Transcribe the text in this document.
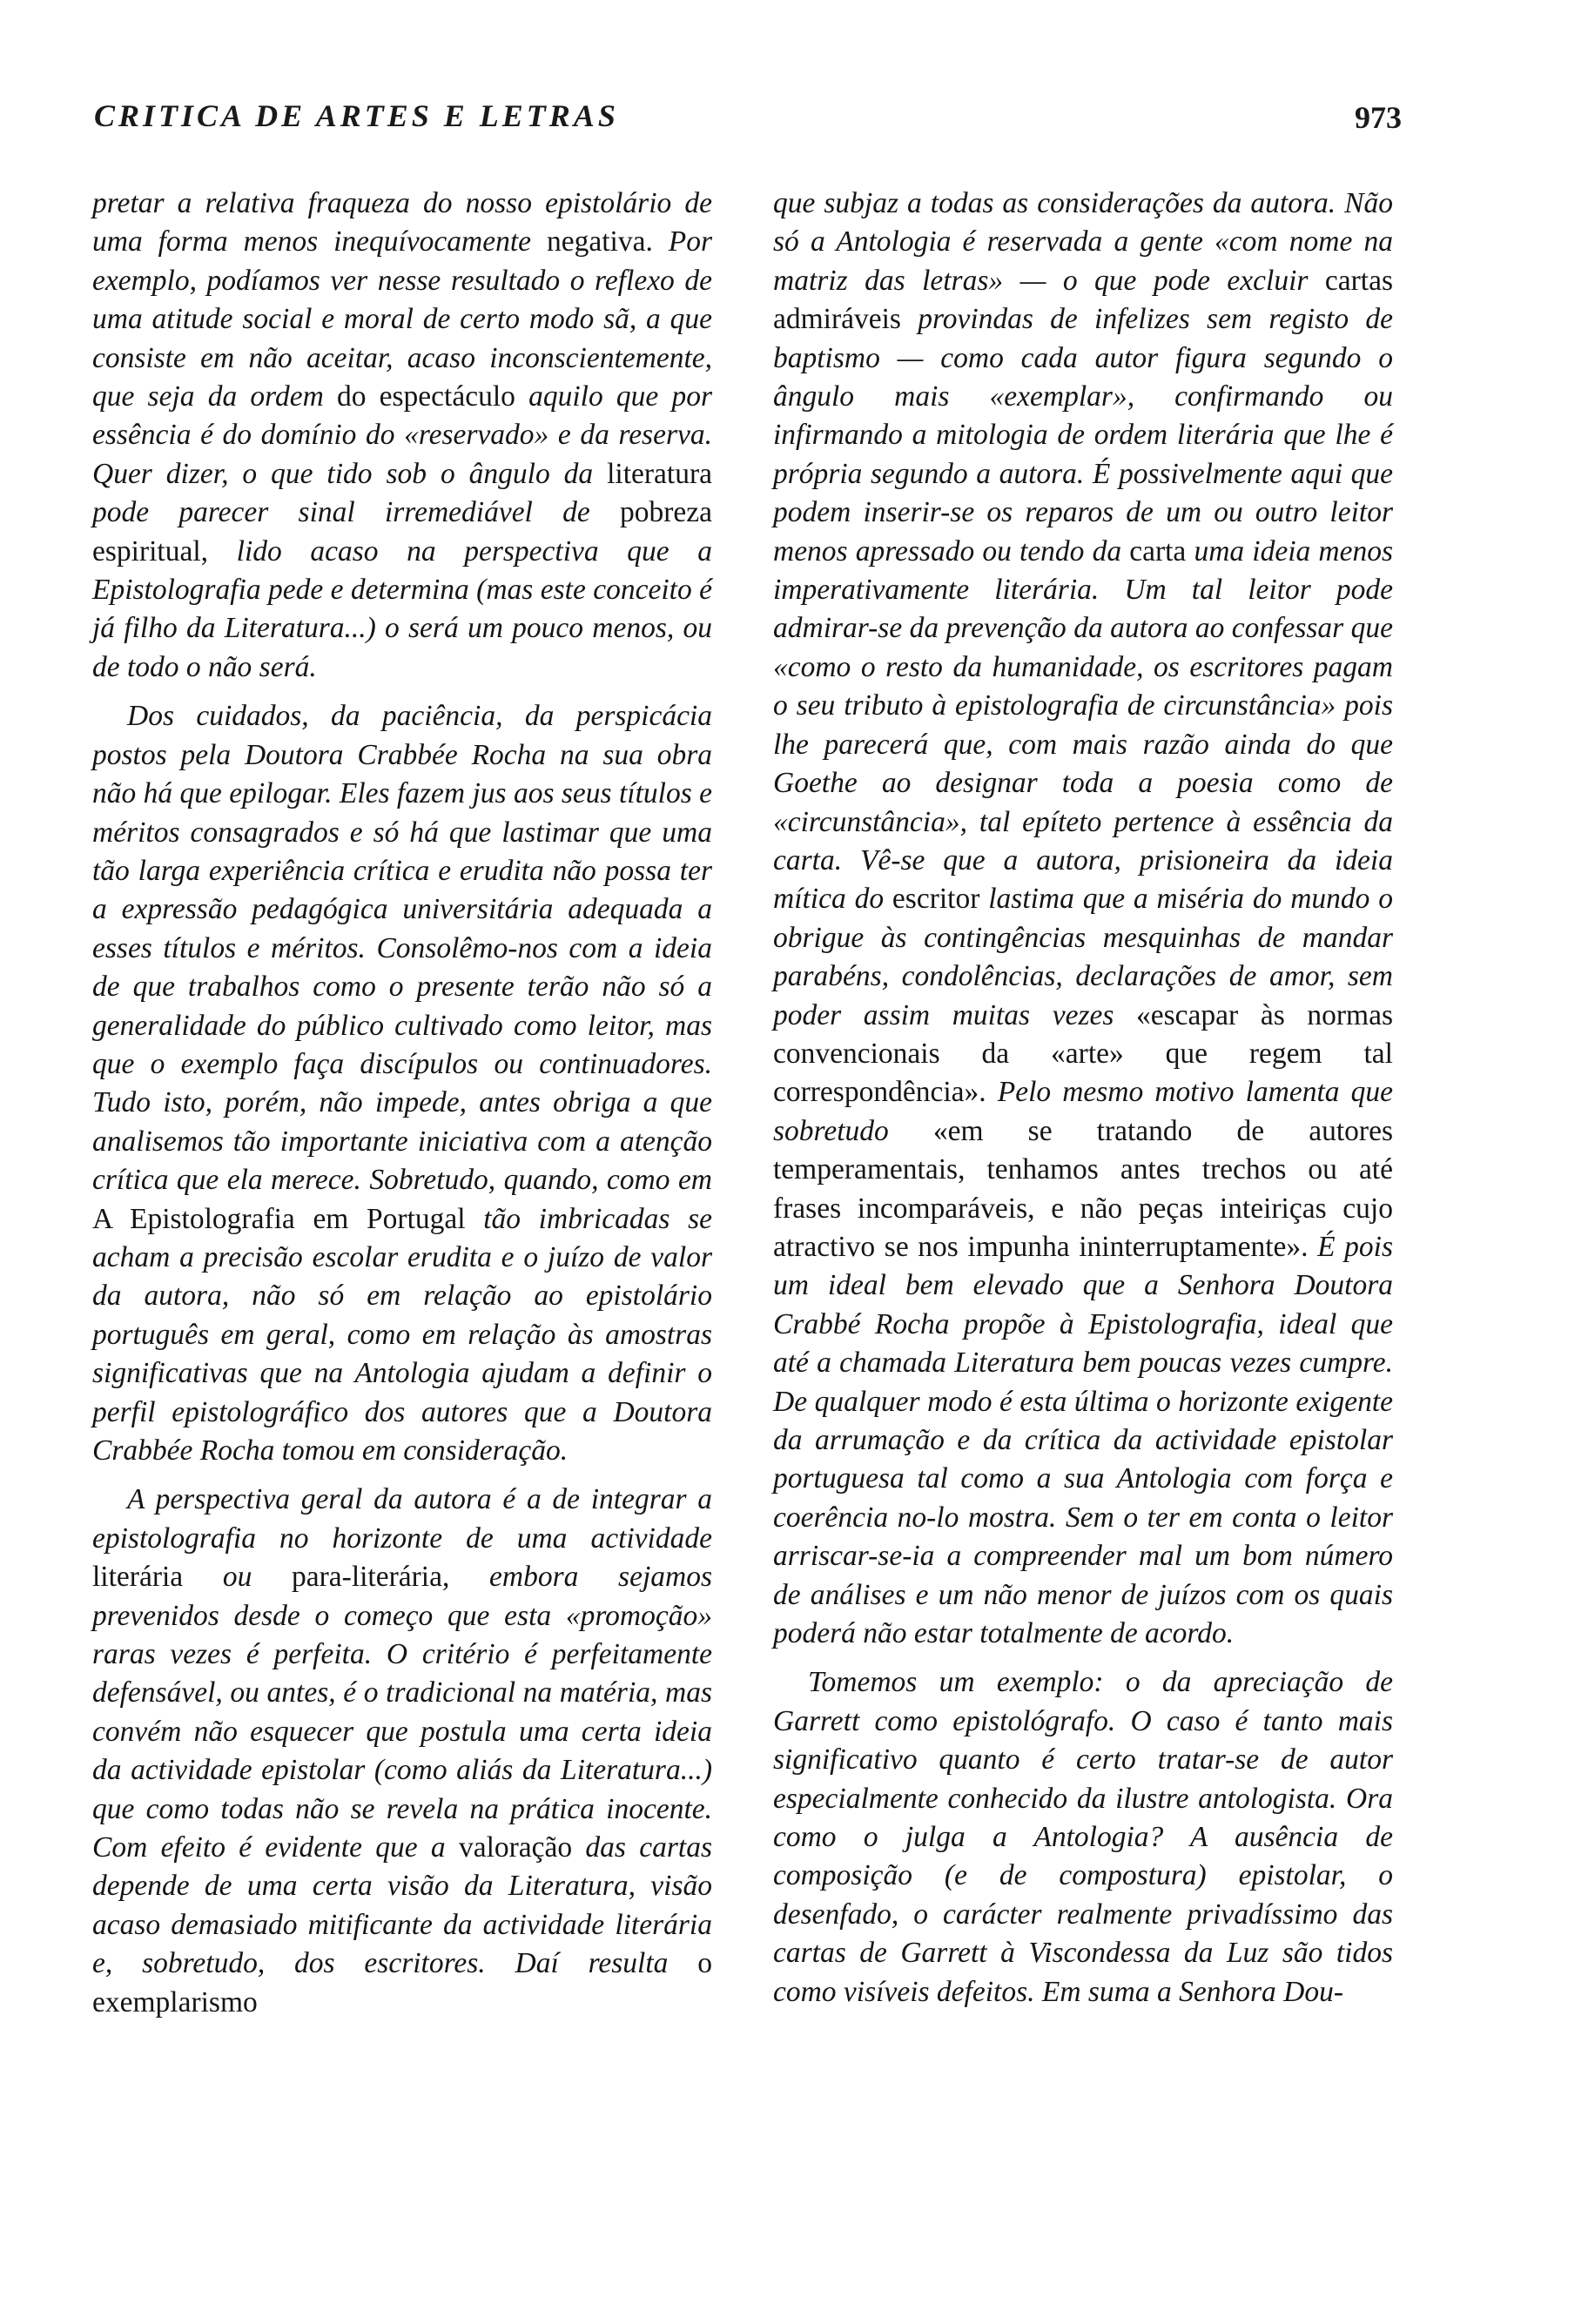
CRITICA DE ARTES E LETRAS	973

pretar a relativa fraqueza do nosso epistolário de uma forma menos inequívocamente negativa. Por exemplo, podíamos ver nesse resultado o reflexo de uma atitude social e moral de certo modo sã, a que consiste em não aceitar, acaso inconscientemente, que seja da ordem do espectáculo aquilo que por essência é do domínio do «reservado» e da reserva. Quer dizer, o que tido sob o ângulo da literatura pode parecer sinal irremediável de pobreza espiritual, lido acaso na perspectiva que a Epistolografia pede e determina (mas este conceito é já filho da Literatura...) o será um pouco menos, ou de todo o não será.

Dos cuidados, da paciência, da perspicácia postos pela Doutora Crabbée Rocha na sua obra não há que epilogar. Eles fazem jus aos seus títulos e méritos consagrados e só há que lastimar que uma tão larga experiência crítica e erudita não possa ter a expressão pedagógica universitária adequada a esses títulos e méritos. Consolêmo-nos com a ideia de que trabalhos como o presente terão não só a generalidade do público cultivado como leitor, mas que o exemplo faça discípulos ou continuadores. Tudo isto, porém, não impede, antes obriga a que analisemos tão importante iniciativa com a atenção crítica que ela merece. Sobretudo, quando, como em A Epistolografia em Portugal tão imbricadas se acham a precisão escolar erudita e o juízo de valor da autora, não só em relação ao epistolário português em geral, como em relação às amostras significativas que na Antologia ajudam a definir o perfil epistolográfico dos autores que a Doutora Crabbée Rocha tomou em consideração.

A perspectiva geral da autora é a de integrar a epistolografia no horizonte de uma actividade literária ou para-literária, embora sejamos prevenidos desde o começo que esta «promoção» raras vezes é perfeita. O critério é perfeitamente defensável, ou antes, é o tradicional na matéria, mas convém não esquecer que postula uma certa ideia da actividade epistolar (como aliás da Literatura...) que como todas não se revela na prática inocente. Com efeito é evidente que a valoração das cartas depende de uma certa visão da Literatura, visão acaso demasiado mitificante da actividade literária e, sobretudo, dos escritores. Daí resulta o exemplarismo

que subjaz a todas as considerações da autora. Não só a Antologia é reservada a gente «com nome na matriz das letras» — o que pode excluir cartas admiráveis provindas de infelizes sem registo de baptismo — como cada autor figura segundo o ângulo mais «exemplar», confirmando ou infirmando a mitologia de ordem literária que lhe é própria segundo a autora. É possivelmente aqui que podem inserir-se os reparos de um ou outro leitor menos apressado ou tendo da carta uma ideia menos imperativamente literária. Um tal leitor pode admirar-se da prevenção da autora ao confessar que «como o resto da humanidade, os escritores pagam o seu tributo à epistolografia de circunstância» pois lhe parecerá que, com mais razão ainda do que Goethe ao designar toda a poesia como de «circunstância», tal epíteto pertence à essência da carta. Vê-se que a autora, prisioneira da ideia mítica do escritor lastima que a miséria do mundo o obrigue às contingências mesquinhas de mandar parabéns, condolências, declarações de amor, sem poder assim muitas vezes «escapar às normas convencionais da «arte» que regem tal correspondência». Pelo mesmo motivo lamenta que sobretudo «em se tratando de autores temperamentais, tenhamos antes trechos ou até frases incomparáveis, e não peças inteiriças cujo atractivo se nos impunha ininterruptamente». É pois um ideal bem elevado que a Senhora Doutora Crabbé Rocha propõe à Epistolografia, ideal que até a chamada Literatura bem poucas vezes cumpre. De qualquer modo é esta última o horizonte exigente da arrumação e da crítica da actividade epistolar portuguesa tal como a sua Antologia com força e coerência no-lo mostra. Sem o ter em conta o leitor arriscar-se-ia a compreender mal um bom número de análises e um não menor de juízos com os quais poderá não estar totalmente de acordo.

Tomemos um exemplo: o da apreciação de Garrett como epistológrafo. O caso é tanto mais significativo quanto é certo tratar-se de autor especialmente conhecido da ilustre antologista. Ora como o julga a Antologia? A ausência de composição (e de compostura) epistolar, o desenfado, o carácter realmente privadíssimo das cartas de Garrett à Viscondessa da Luz são tidos como visíveis defeitos. Em suma a Senhora Dou-
